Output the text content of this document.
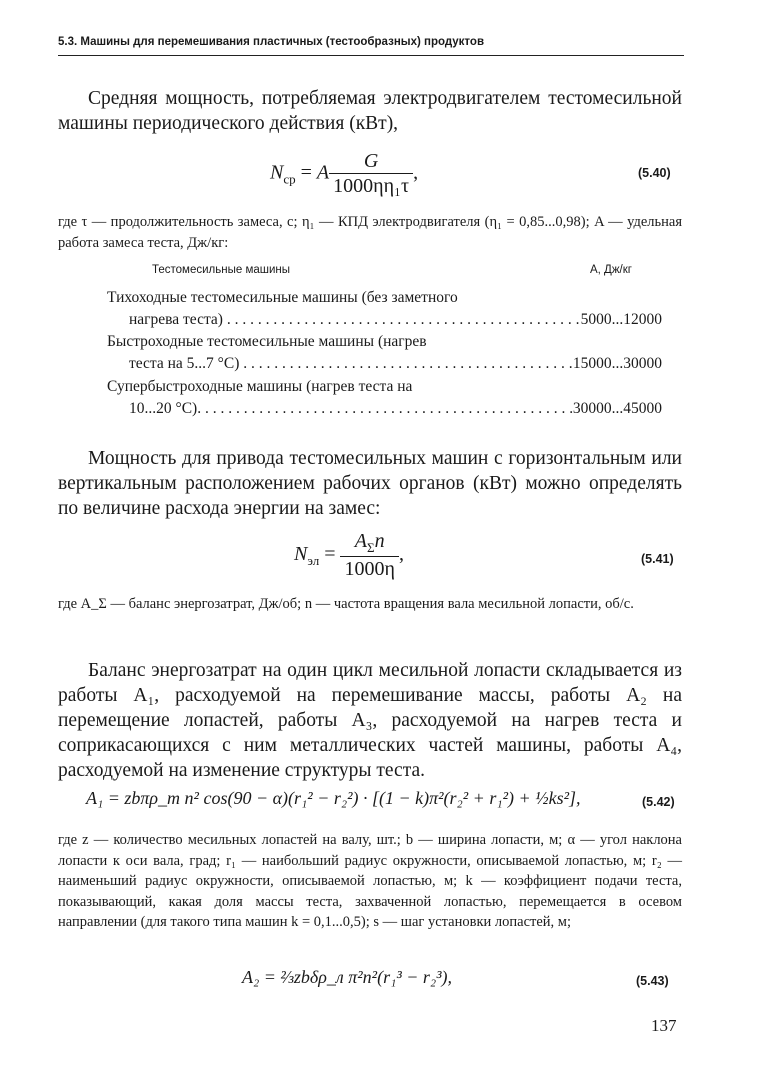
5.3. Машины для перемешивания пластичных (тестообразных) продуктов
Средняя мощность, потребляемая электродвигателем тестомесильной машины периодического действия (кВт),
$N_{ср} = A \frac{G}{\text{1000ηη₁τ}}$ ,	(5.40)
где τ — продолжительность замеса, с; η₁ — КПД электродвигателя (η₁ = 0,85...0,98); A — удельная работа замеса теста, Дж/кг:
Тестомесильные машины	A, Дж/кг
Тихоходные тестомесильные машины (без заметного
нагрева теста) . . .	5000...12000
Быстроходные тестомесильные машины (нагрев
теста на 5...7 °С) . . .	15000...30000
Супербыстроходные машины (нагрев теста на
10...20 °С). . . .	30000...45000
Мощность для привода тестомесильных машин с горизонтальным или вертикальным расположением рабочих органов (кВт) можно определять по величине расхода энергии на замес:
$N_{эл} = \frac{A_\Sigma n}{1000\eta}$ ,	(5.41)
где A_Σ — баланс энергозатрат, Дж/об; n — частота вращения вала месильной лопасти, об/с.
Баланс энергозатрат на один цикл месильной лопасти складывается из работы A₁, расходуемой на перемешивание массы, работы A₂ на перемещение лопастей, работы A₃, расходуемой на нагрев теста и соприкасающихся с ним металлических частей машины, работы A₄, расходуемой на изменение структуры теста.
A₁ = zbπρ_т n² cos(90 − α)(r₁² − r₂²) · [(1 − k)π²(r₂² + r₁²) + ½ks²],	(5.42)
где z — количество месильных лопастей на валу, шт.; b — ширина лопасти, м; α — угол наклона лопасти к оси вала, град; r₁ — наибольший радиус окружности, описываемой лопастью, м; r₂ — наименьший радиус окружности, описываемой лопастью, м; k — коэффициент подачи теста, показывающий, какая доля массы теста, захваченной лопастью, перемещается в осевом направлении (для такого типа машин k = 0,1...0,5); s — шаг установки лопастей, м;
A₂ = ⅔zbδρ_л π²n²(r₁³ − r₂³),	(5.43)
137
